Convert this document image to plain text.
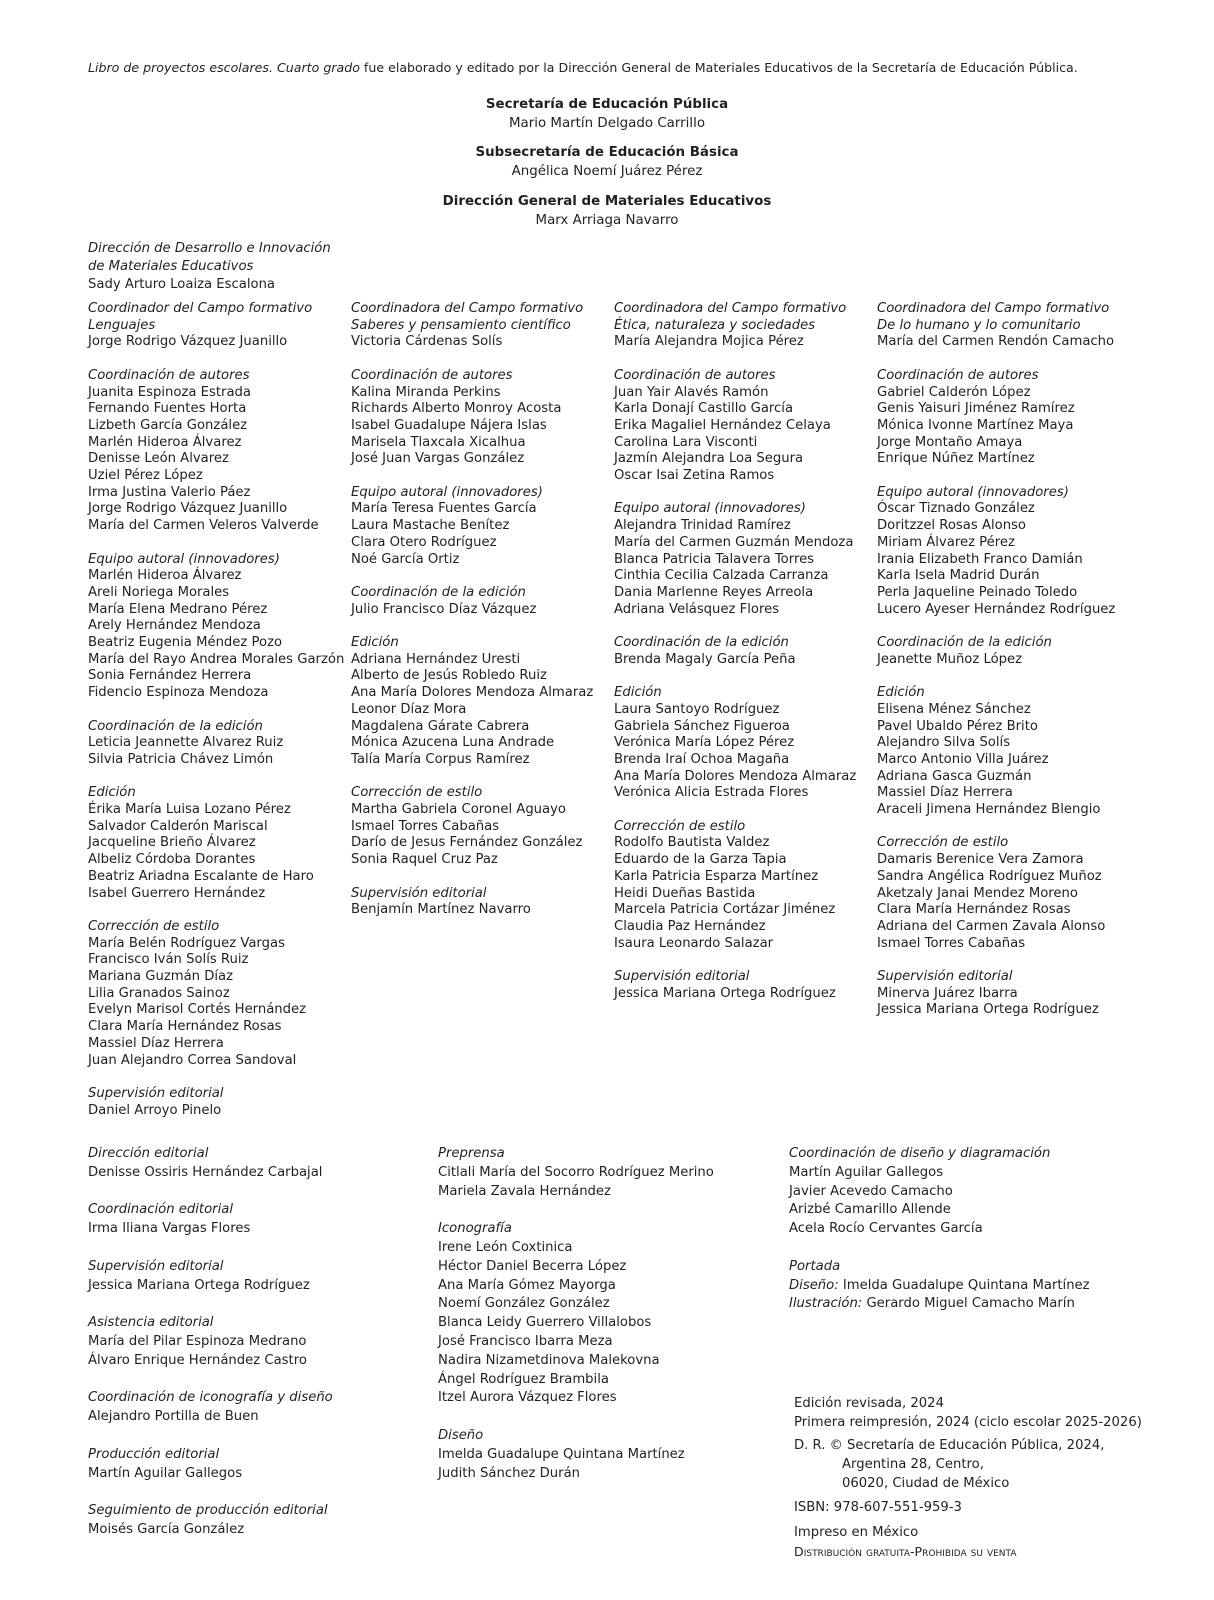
Libro de proyectos escolares. Cuarto grado fue elaborado y editado por la Dirección General de Materiales Educativos de la Secretaría de Educación Pública.
Secretaría de Educación Pública
Mario Martín Delgado Carrillo
Subsecretaría de Educación Básica
Angélica Noemí Juárez Pérez
Dirección General de Materiales Educativos
Marx Arriaga Navarro
Dirección de Desarrollo e Innovación
de Materiales Educativos
Sady Arturo Loaiza Escalona
Coordinador del Campo formativo
Lenguajes
Jorge Rodrigo Vázquez Juanillo
Coordinación de autores
Juanita Espinoza Estrada
Fernando Fuentes Horta
Lizbeth García González
Marlén Hideroa Álvarez
Denisse León Alvarez
Uziel Pérez López
Irma Justina Valerio Páez
Jorge Rodrigo Vázquez Juanillo
María del Carmen Veleros Valverde
Equipo autoral (innovadores)
Marlén Hideroa Álvarez
Areli Noriega Morales
María Elena Medrano Pérez
Arely Hernández Mendoza
Beatriz Eugenia Méndez Pozo
María del Rayo Andrea Morales Garzón
Sonia Fernández Herrera
Fidencio Espinoza Mendoza
Coordinación de la edición
Leticia Jeannette Alvarez Ruiz
Silvia Patricia Chávez Limón
Edición
Érika María Luisa Lozano Pérez
Salvador Calderón Mariscal
Jacqueline Brieño Álvarez
Albeliz Córdoba Dorantes
Beatriz Ariadna Escalante de Haro
Isabel Guerrero Hernández
Corrección de estilo
María Belén Rodríguez Vargas
Francisco Iván Solís Ruiz
Mariana Guzmán Díaz
Lilia Granados Sainoz
Evelyn Marisol Cortés Hernández
Clara María Hernández Rosas
Massiel Díaz Herrera
Juan Alejandro Correa Sandoval
Supervisión editorial
Daniel Arroyo Pinelo
Coordinadora del Campo formativo
Saberes y pensamiento científico
Victoria Cárdenas Solís
Coordinación de autores
Kalina Miranda Perkins
Richards Alberto Monroy Acosta
Isabel Guadalupe Nájera Islas
Marisela Tlaxcala Xicalhua
José Juan Vargas González
Equipo autoral (innovadores)
María Teresa Fuentes García
Laura Mastache Benítez
Clara Otero Rodríguez
Noé García Ortiz
Coordinación de la edición
Julio Francisco Díaz Vázquez
Edición
Adriana Hernández Uresti
Alberto de Jesús Robledo Ruiz
Ana María Dolores Mendoza Almaraz
Leonor Díaz Mora
Magdalena Gárate Cabrera
Mónica Azucena Luna Andrade
Talía María Corpus Ramírez
Corrección de estilo
Martha Gabriela Coronel Aguayo
Ismael Torres Cabañas
Darío de Jesus Fernández González
Sonia Raquel Cruz Paz
Supervisión editorial
Benjamín Martínez Navarro
Coordinadora del Campo formativo
Ética, naturaleza y sociedades
María Alejandra Mojica Pérez
Coordinación de autores
Juan Yair Alavés Ramón
Karla Donají Castillo García
Erika Magaliel Hernández Celaya
Carolina Lara Visconti
Jazmín Alejandra Loa Segura
Oscar Isai Zetina Ramos
Equipo autoral (innovadores)
Alejandra Trinidad Ramírez
María del Carmen Guzmán Mendoza
Blanca Patricia Talavera Torres
Cinthia Cecilia Calzada Carranza
Dania Marlenne Reyes Arreola
Adriana Velásquez Flores
Coordinación de la edición
Brenda Magaly García Peña
Edición
Laura Santoyo Rodríguez
Gabriela Sánchez Figueroa
Verónica María López Pérez
Brenda Iraí Ochoa Magaña
Ana María Dolores Mendoza Almaraz
Verónica Alicia Estrada Flores
Corrección de estilo
Rodolfo Bautista Valdez
Eduardo de la Garza Tapia
Karla Patricia Esparza Martínez
Heidi Dueñas Bastida
Marcela Patricia Cortázar Jiménez
Claudia Paz Hernández
Isaura Leonardo Salazar
Supervisión editorial
Jessica Mariana Ortega Rodríguez
Coordinadora del Campo formativo
De lo humano y lo comunitario
María del Carmen Rendón Camacho
Coordinación de autores
Gabriel Calderón López
Genis Yaisuri Jiménez Ramírez
Mónica Ivonne Martínez Maya
Jorge Montaño Amaya
Enrique Núñez Martínez
Equipo autoral (innovadores)
Óscar Tiznado González
Doritzzel Rosas Alonso
Miriam Álvarez Pérez
Irania Elizabeth Franco Damián
Karla Isela Madrid Durán
Perla Jaqueline Peinado Toledo
Lucero Ayeser Hernández Rodríguez
Coordinación de la edición
Jeanette Muñoz López
Edición
Elisena Ménez Sánchez
Pavel Ubaldo Pérez Brito
Alejandro Silva Solís
Marco Antonio Villa Juárez
Adriana Gasca Guzmán
Massiel Díaz Herrera
Araceli Jimena Hernández Blengio
Corrección de estilo
Damaris Berenice Vera Zamora
Sandra Angélica Rodríguez Muñoz
Aketzaly Janai Mendez Moreno
Clara María Hernández Rosas
Adriana del Carmen Zavala Alonso
Ismael Torres Cabañas
Supervisión editorial
Minerva Juárez Ibarra
Jessica Mariana Ortega Rodríguez
Dirección editorial
Denisse Ossiris Hernández Carbajal
Coordinación editorial
Irma Iliana Vargas Flores
Supervisión editorial
Jessica Mariana Ortega Rodríguez
Asistencia editorial
María del Pilar Espinoza Medrano
Álvaro Enrique Hernández Castro
Coordinación de iconografía y diseño
Alejandro Portilla de Buen
Producción editorial
Martín Aguilar Gallegos
Seguimiento de producción editorial
Moisés García González
Preprensa
Citlali María del Socorro Rodríguez Merino
Mariela Zavala Hernández
Iconografía
Irene León Coxtinica
Héctor Daniel Becerra López
Ana María Gómez Mayorga
Noemí González González
Blanca Leidy Guerrero Villalobos
José Francisco Ibarra Meza
Nadira Nizametdinova Malekovna
Ángel Rodríguez Brambila
Itzel Aurora Vázquez Flores
Diseño
Imelda Guadalupe Quintana Martínez
Judith Sánchez Durán
Coordinación de diseño y diagramación
Martín Aguilar Gallegos
Javier Acevedo Camacho
Arizbé Camarillo Allende
Acela Rocío Cervantes García
Portada
Diseño: Imelda Guadalupe Quintana Martínez
Ilustración: Gerardo Miguel Camacho Marín
Edición revisada, 2024
Primera reimpresión, 2024 (ciclo escolar 2025-2026)
D. R. © Secretaría de Educación Pública, 2024,
Argentina 28, Centro,
06020, Ciudad de México
ISBN: 978-607-551-959-3
Impreso en México
Distribución gratuita-Prohibida su venta
